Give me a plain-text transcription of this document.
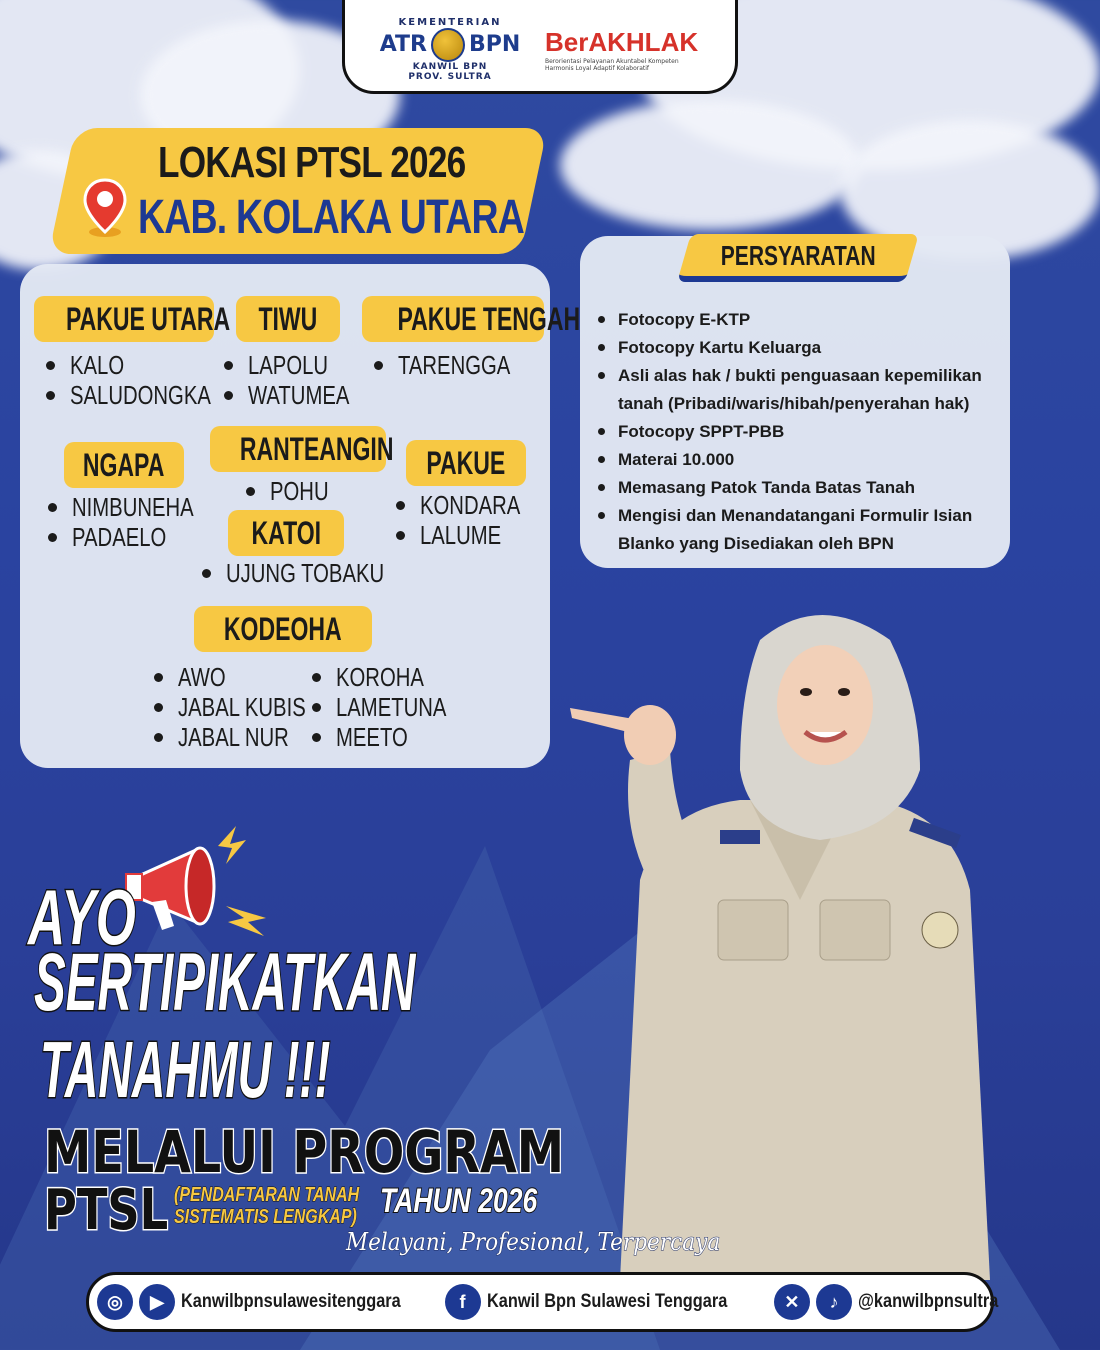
KEMENTERIAN
ATR BPN
KANWIL BPN
PROV. SULTRA
BerAKHLAK
Berorientasi Pelayanan Akuntabel Kompeten
Harmonis Loyal Adaptif Kolaboratif
LOKASI PTSL 2026
KAB. KOLAKA UTARA
PAKUE UTARA
KALO
SALUDONGKA
TIWU
LAPOLU
WATUMEA
PAKUE TENGAH
TARENGGA
NGAPA
NIMBUNEHA
PADAELO
RANTEANGIN
POHU
PAKUE
KONDARA
LALUME
KATOI
UJUNG TOBAKU
KODEOHA
AWO
JABAL KUBIS
JABAL NUR
KOROHA
LAMETUNA
MEETO
PERSYARATAN
Fotocopy E-KTP
Fotocopy Kartu Keluarga
Asli alas hak / bukti penguasaan kepemilikan tanah (Pribadi/waris/hibah/penyerahan hak)
Fotocopy SPPT-PBB
Materai 10.000
Memasang Patok Tanda Batas Tanah
Mengisi dan Menandatangani Formulir Isian Blanko yang Disediakan oleh BPN
AYO
SERTIPIKATKAN
TANAHMU !!!
MELALUI PROGRAM
PTSL (PENDAFTARAN TANAH
SISTEMATIS LENGKAP) TAHUN 2026
Melayani, Profesional, Terpercaya
◎	▶ Kanwilbpnsulawesitenggara	f	Kanwil Bpn Sulawesi Tenggara	✕	♪	@kanwilbpnsultra
